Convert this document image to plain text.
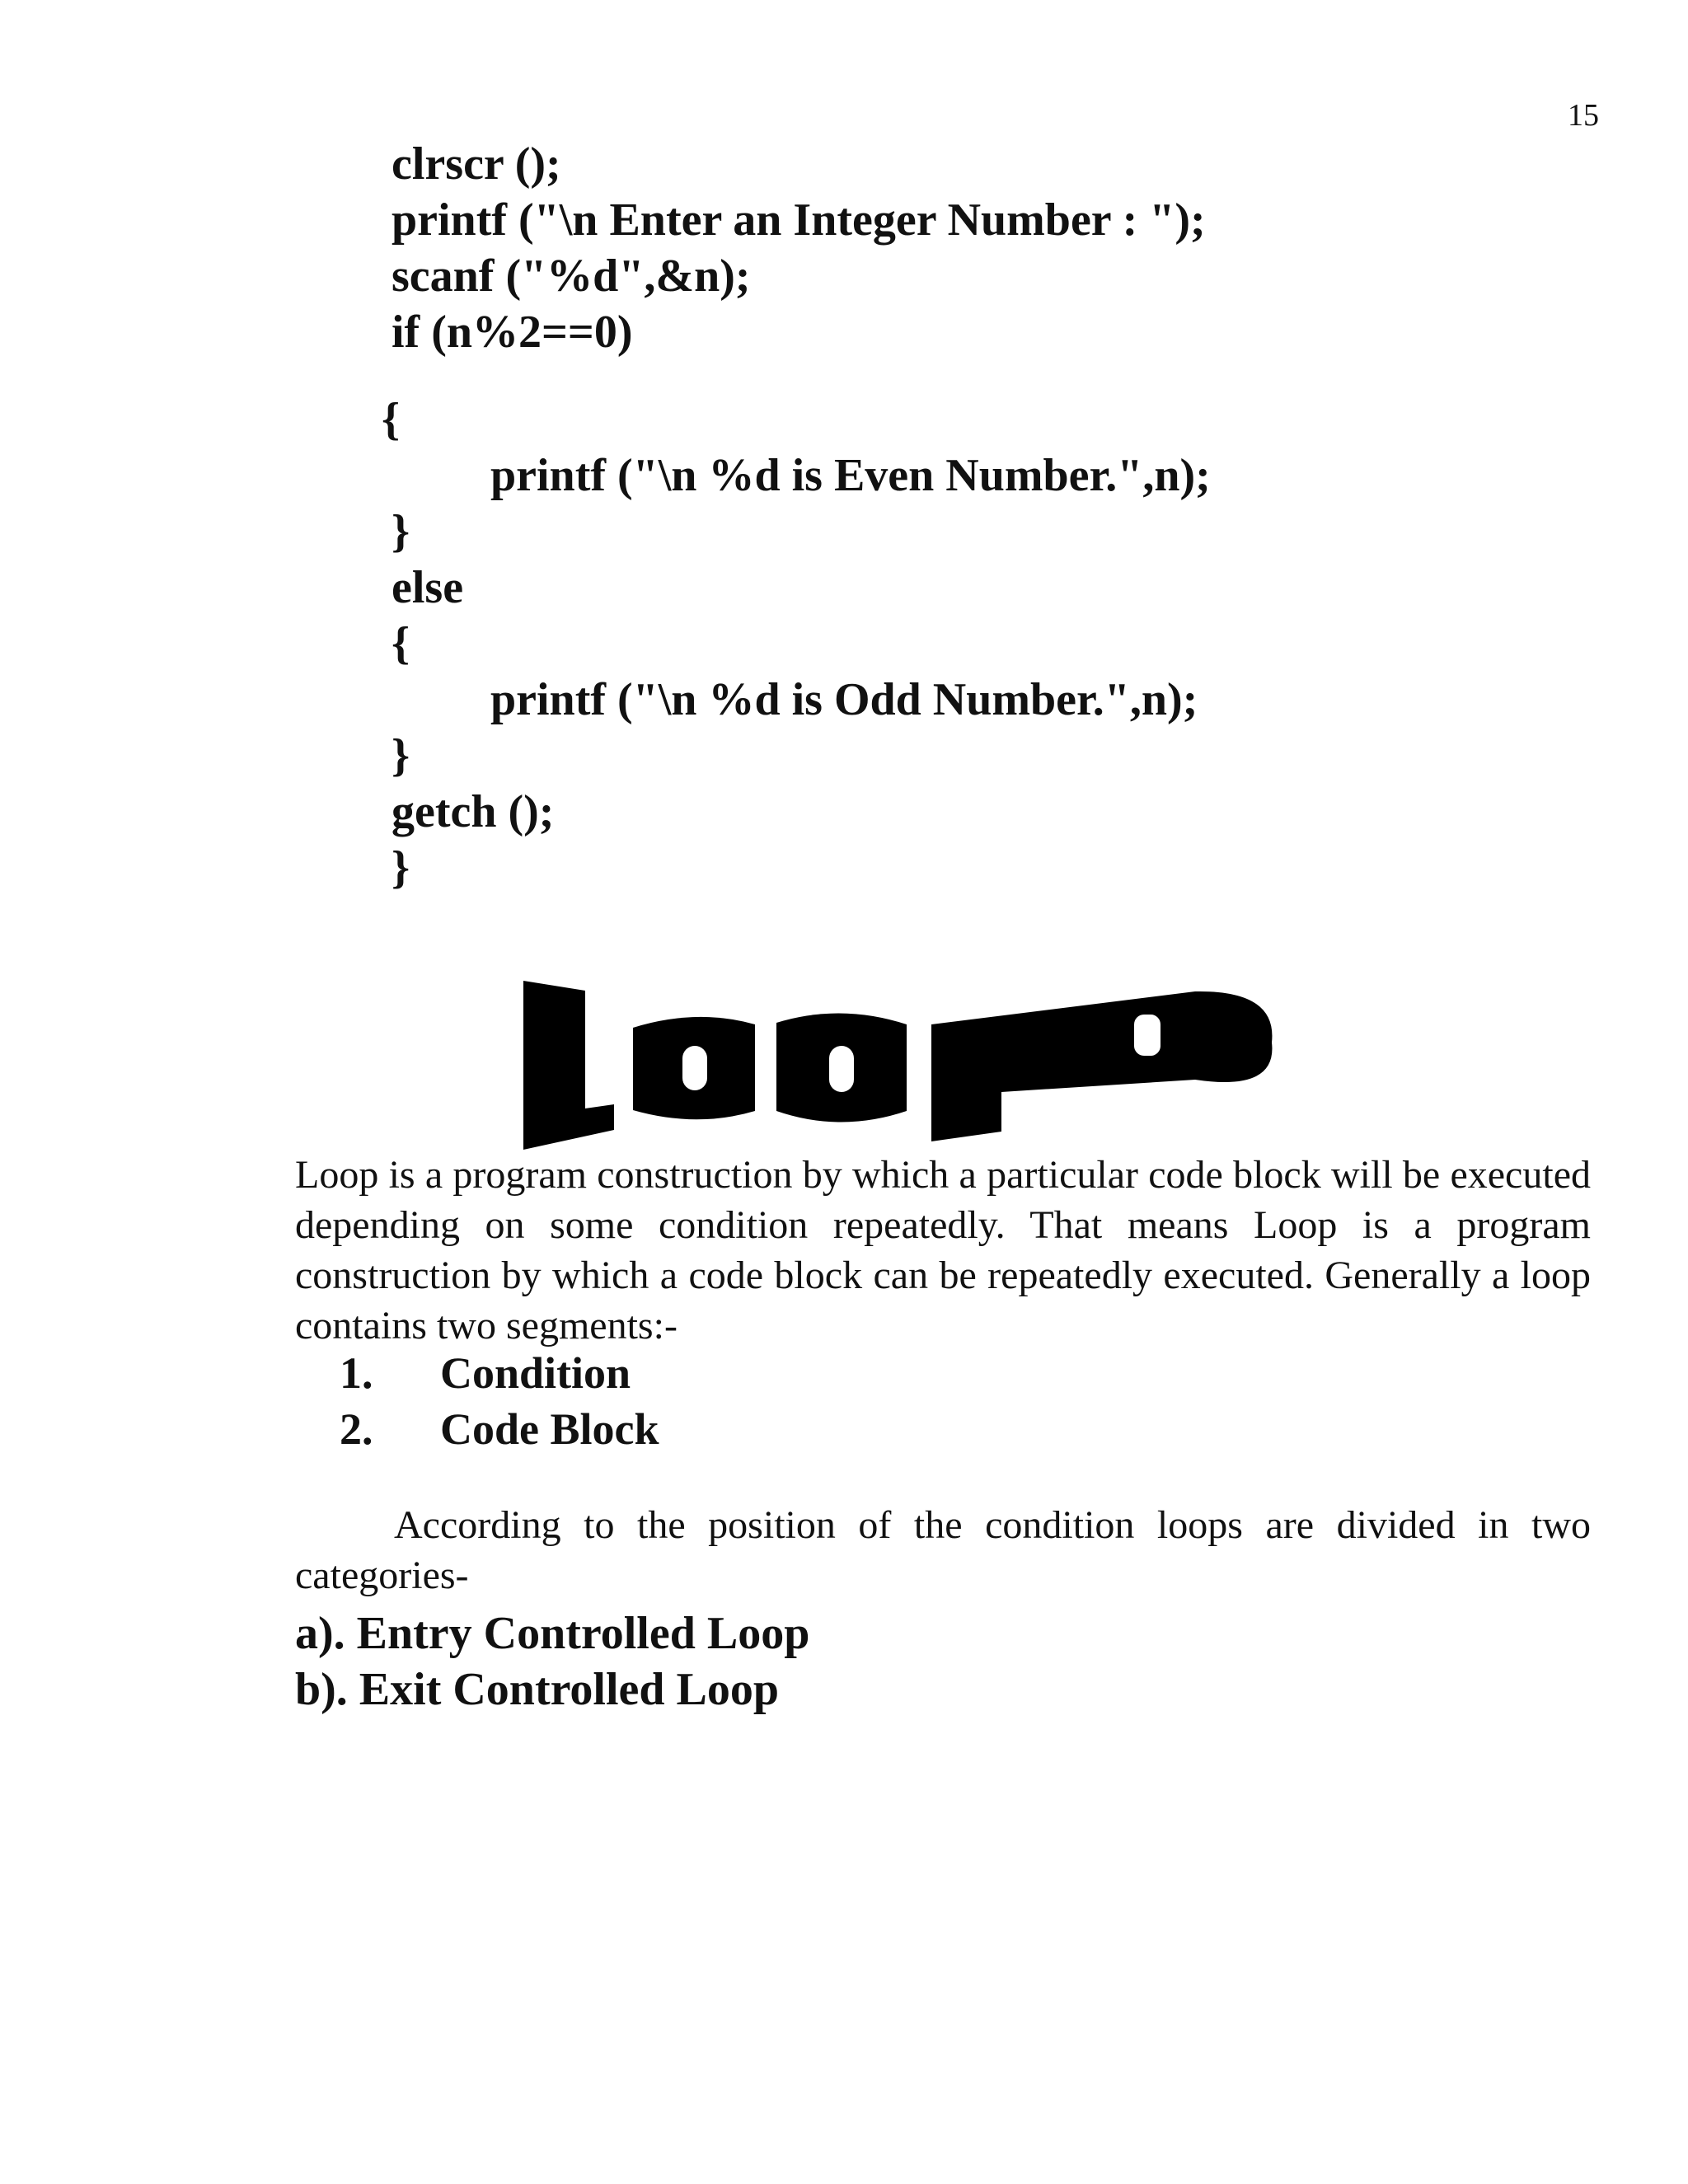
15
clrscr ();
printf ("\n Enter an Integer Number : ");
scanf ("%d",&n);
if (n%2==0)
{
printf ("\n %d is Even Number.",n);
}
else
{
printf ("\n %d is Odd Number.",n);
}
getch ();
}
Loop is a program construction by which a particular code block will be executed depending on some condition repeatedly. That means Loop is a program construction by which a code block can be repeatedly executed. Generally a loop contains two segments:-
1.	Condition
2.	Code Block
According to the position of the condition loops are divided in two categories-
a). Entry Controlled Loop
b). Exit Controlled Loop
